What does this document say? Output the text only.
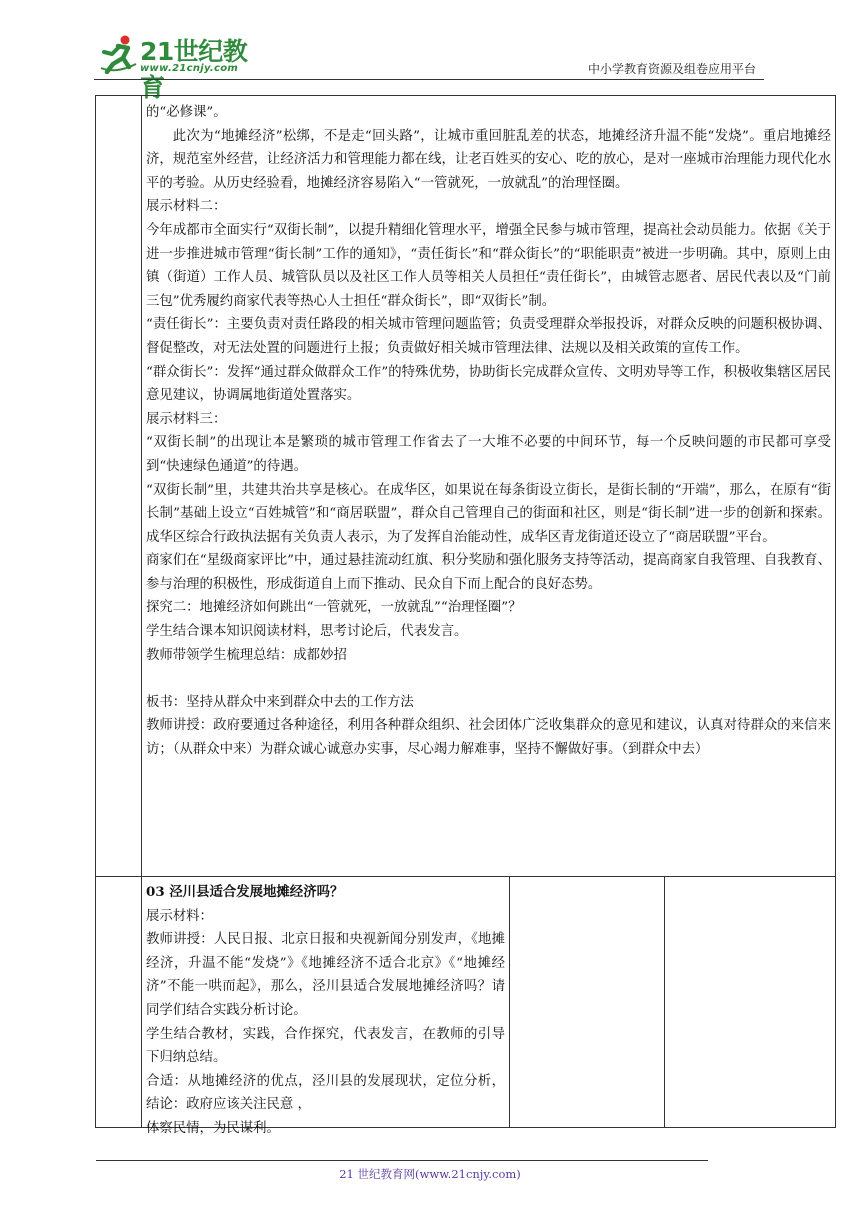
21世纪教育
www.21cnjy.com	中小学教育资源及组卷应用平台

的“必修课”。

此次为“地摊经济”松绑，不是走“回头路”，让城市重回脏乱差的状态，地摊经济升温不能“发烧”。重启地摊经济，规范室外经营，让经济活力和管理能力都在线，让老百姓买的安心、吃的放心，是对一座城市治理能力现代化水平的考验。从历史经验看，地摊经济容易陷入“一管就死，一放就乱”的治理怪圈。

展示材料二：

今年成都市全面实行“双街长制”，以提升精细化管理水平，增强全民参与城市管理，提高社会动员能力。依据《关于进一步推进城市管理“街长制”工作的通知》，“责任街长”和“群众街长”的“职能职责”被进一步明确。其中，原则上由镇（街道）工作人员、城管队员以及社区工作人员等相关人员担任“责任街长”，由城管志愿者、居民代表以及“门前三包”优秀履约商家代表等热心人士担任“群众街长”，即“双街长”制。

“责任街长”：主要负责对责任路段的相关城市管理问题监管；负责受理群众举报投诉，对群众反映的问题积极协调、督促整改，对无法处置的问题进行上报；负责做好相关城市管理法律、法规以及相关政策的宣传工作。

“群众街长”：发挥“通过群众做群众工作”的特殊优势，协助街长完成群众宣传、文明劝导等工作，积极收集辖区居民意见建议，协调属地街道处置落实。

展示材料三：

“双街长制”的出现让本是繁琐的城市管理工作省去了一大堆不必要的中间环节，每一个反映问题的市民都可享受到“快速绿色通道”的待遇。

“双街长制”里，共建共治共享是核心。在成华区，如果说在每条街设立街长，是街长制的“开端”，那么，在原有“街长制”基础上设立“百姓城管”和“商居联盟”，群众自己管理自己的街面和社区，则是“街长制”进一步的创新和探索。成华区综合行政执法据有关负责人表示，为了发挥自治能动性，成华区青龙街道还设立了“商居联盟”平台。

商家们在“星级商家评比”中，通过悬挂流动红旗、积分奖励和强化服务支持等活动，提高商家自我管理、自我教育、参与治理的积极性，形成街道自上而下推动、民众自下而上配合的良好态势。

探究二：地摊经济如何跳出“一管就死，一放就乱”“治理怪圈”？

学生结合课本知识阅读材料，思考讨论后，代表发言。

教师带领学生梳理总结：成都妙招

板书：坚持从群众中来到群众中去的工作方法

教师讲授：政府要通过各种途径，利用各种群众组织、社会团体广泛收集群众的意见和建议，认真对待群众的来信来访；（从群众中来）为群众诚心诚意办实事，尽心竭力解难事，坚持不懈做好事。（到群众中去）

03 泾川县适合发展地摊经济吗？

展示材料：

教师讲授：人民日报、北京日报和央视新闻分别发声，《地摊经济，升温不能“发烧”》《地摊经济不适合北京》《“地摊经济”不能一哄而起》，那么，泾川县适合发展地摊经济吗？请同学们结合实践分析讨论。

学生结合教材，实践，合作探究，代表发言，在教师的引导下归纳总结。

合适：从地摊经济的优点，泾川县的发展现状，定位分析，结论：政府应该关注民意 ，

体察民情，为民谋利。

21 世纪教育网(www.21cnjy.com)
